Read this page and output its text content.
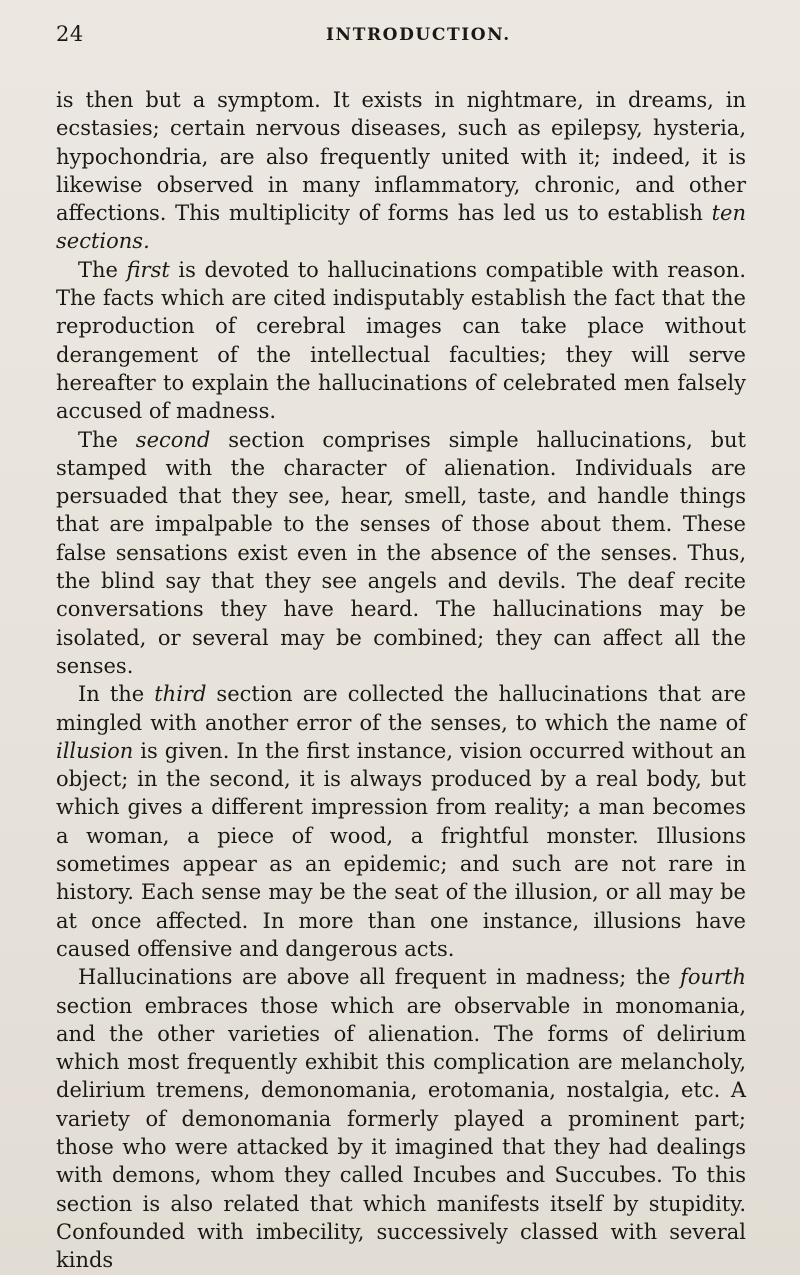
24	INTRODUCTION.

is then but a symptom. It exists in nightmare, in dreams, in ecstasies; certain nervous diseases, such as epilepsy, hysteria, hypochondria, are also frequently united with it; indeed, it is likewise observed in many inflammatory, chronic, and other affections. This multiplicity of forms has led us to establish ten sections.

The first is devoted to hallucinations compatible with reason. The facts which are cited indisputably establish the fact that the reproduction of cerebral images can take place without derangement of the intellectual faculties; they will serve hereafter to explain the hallucinations of celebrated men falsely accused of madness.

The second section comprises simple hallucinations, but stamped with the character of alienation. Individuals are persuaded that they see, hear, smell, taste, and handle things that are impalpable to the senses of those about them. These false sensations exist even in the absence of the senses. Thus, the blind say that they see angels and devils. The deaf recite conversations they have heard. The hallucinations may be isolated, or several may be combined; they can affect all the senses.

In the third section are collected the hallucinations that are mingled with another error of the senses, to which the name of illusion is given. In the first instance, vision occurred without an object; in the second, it is always produced by a real body, but which gives a different impression from reality; a man becomes a woman, a piece of wood, a frightful monster. Illusions sometimes appear as an epidemic; and such are not rare in history. Each sense may be the seat of the illusion, or all may be at once affected. In more than one instance, illusions have caused offensive and dangerous acts.

Hallucinations are above all frequent in madness; the fourth section embraces those which are observable in monomania, and the other varieties of alienation. The forms of delirium which most frequently exhibit this complication are melancholy, delirium tremens, demonomania, erotomania, nostalgia, etc. A variety of demonomania formerly played a prominent part; those who were attacked by it imagined that they had dealings with demons, whom they called Incubes and Succubes. To this section is also related that which manifests itself by stupidity. Confounded with imbecility, successively classed with several kinds
